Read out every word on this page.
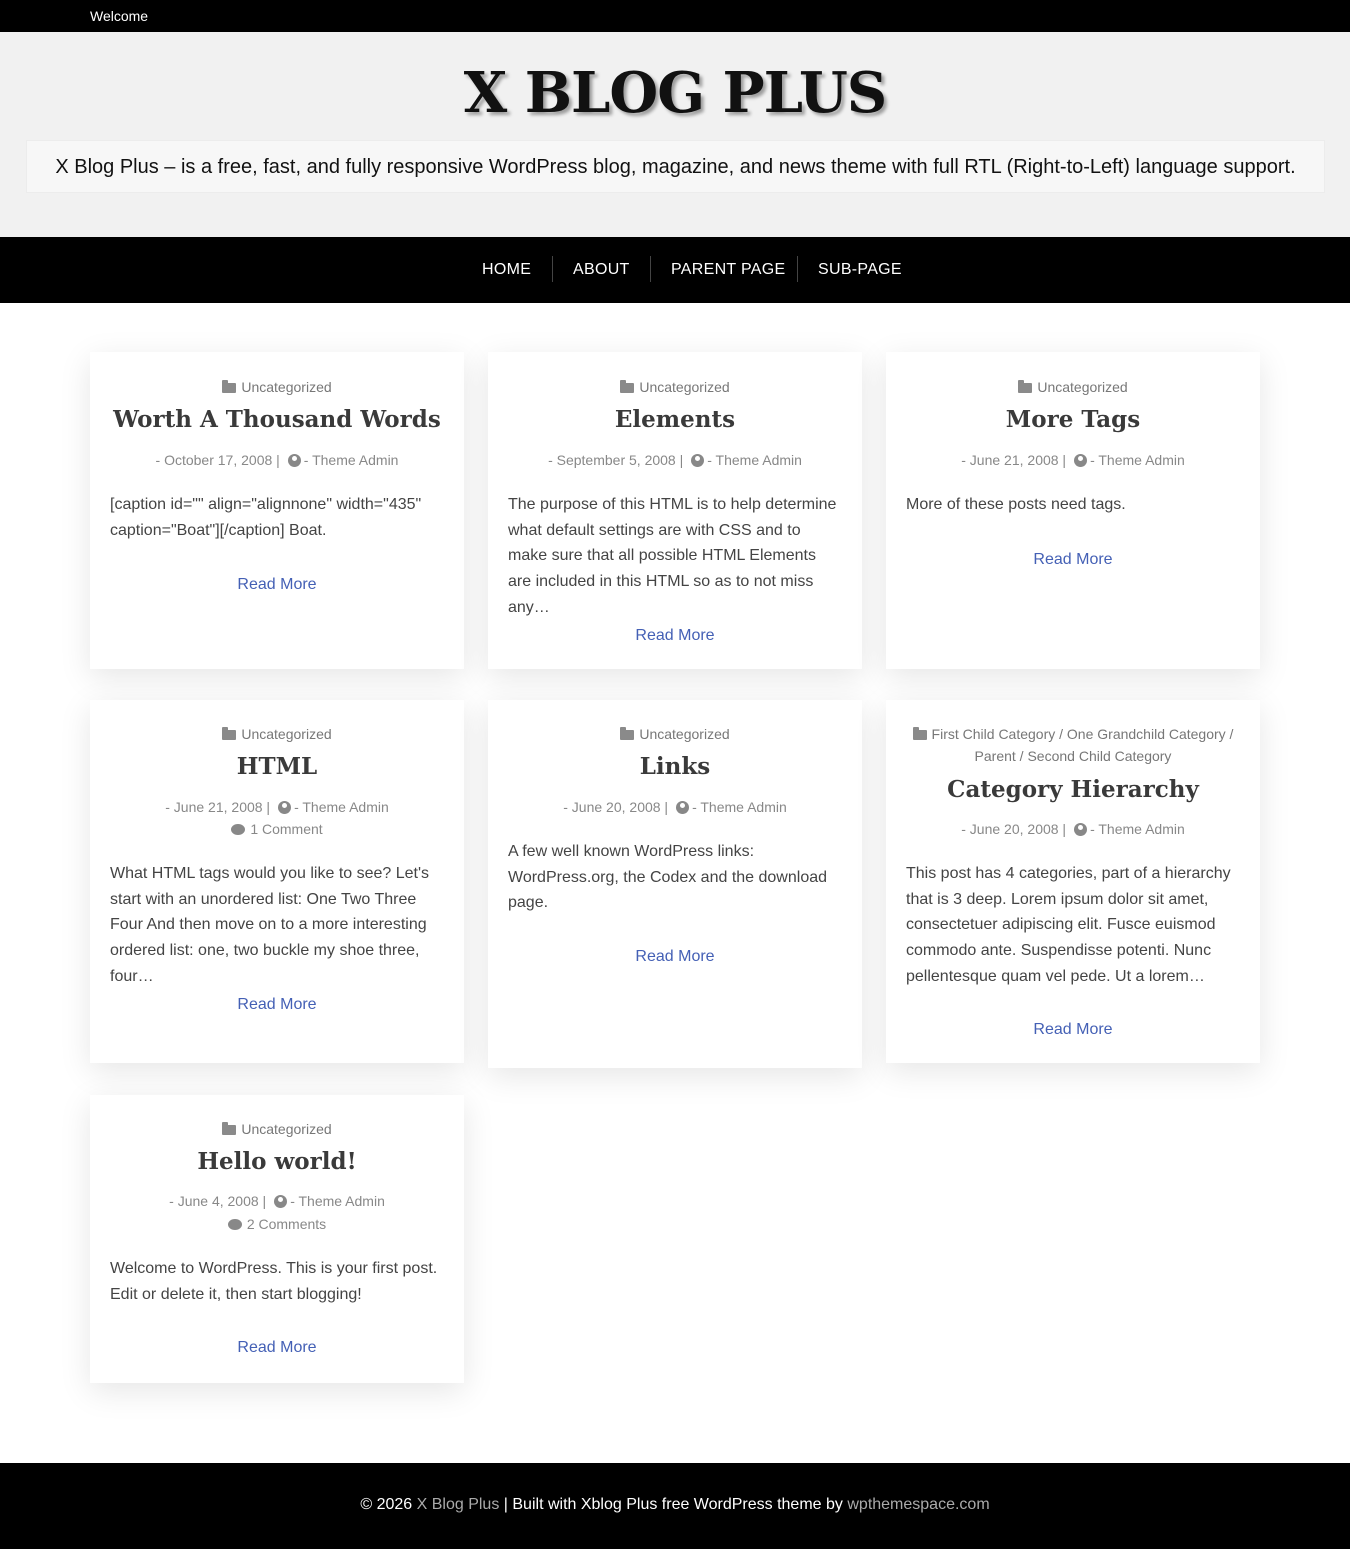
Welcome
X BLOG PLUS
X Blog Plus – is a free, fast, and fully responsive WordPress blog, magazine, and news theme with full RTL (Right-to-Left) language support.
HOME	ABOUT	PARENT PAGE SUB-PAGE
Uncategorized
Worth A Thousand Words
- October 17, 2008 | - Theme Admin
[caption id="" align="alignnone" width="435" caption="Boat"][/caption] Boat.
Read More
Uncategorized
Elements
- September 5, 2008 | - Theme Admin
The purpose of this HTML is to help determine what default settings are with CSS and to make sure that all possible HTML Elements are included in this HTML so as to not miss any…
Read More
Uncategorized
More Tags
- June 21, 2008 | - Theme Admin
More of these posts need tags.
Read More
Uncategorized
HTML
- June 21, 2008 | - Theme Admin
1 Comment
What HTML tags would you like to see? Let's start with an unordered list: One Two Three Four And then move on to a more interesting ordered list: one, two buckle my shoe three, four…
Read More
Uncategorized
Links
- June 20, 2008 | - Theme Admin
A few well known WordPress links: WordPress.org, the Codex and the download page.
Read More
First Child Category / One Grandchild Category /
Parent / Second Child Category
Category Hierarchy
- June 20, 2008 | - Theme Admin
This post has 4 categories, part of a hierarchy that is 3 deep. Lorem ipsum dolor sit amet, consectetuer adipiscing elit. Fusce euismod commodo ante. Suspendisse potenti. Nunc pellentesque quam vel pede. Ut a lorem…
Read More
Uncategorized
Hello world!
- June 4, 2008 | - Theme Admin
2 Comments
Welcome to WordPress. This is your first post. Edit or delete it, then start blogging!
Read More
© 2026 X Blog Plus | Built with Xblog Plus free WordPress theme by wpthemespace.com
